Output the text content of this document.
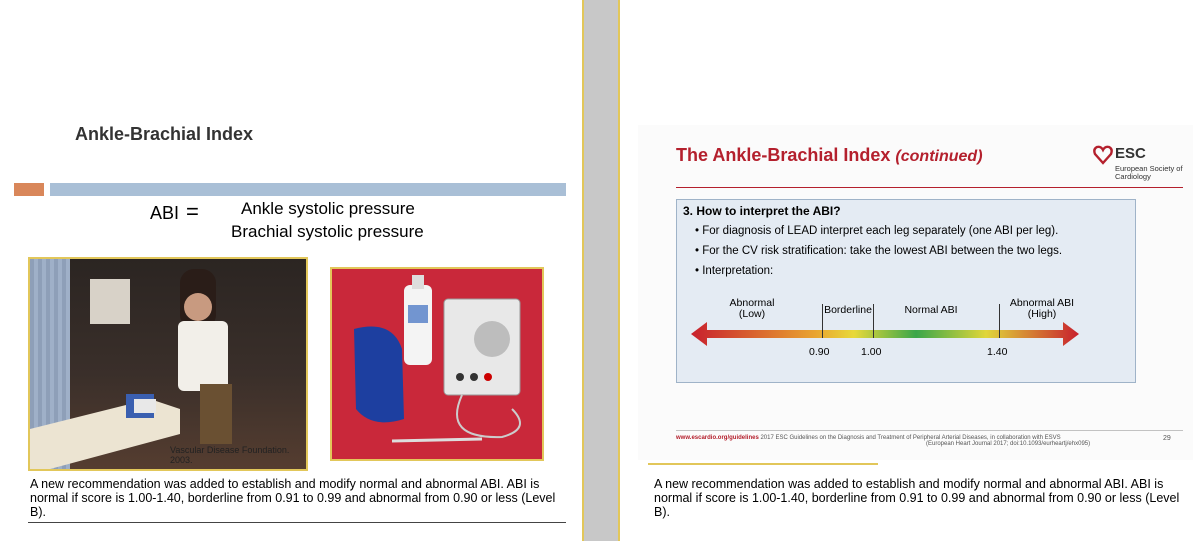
Ankle-Brachial Index
ABI = Ankle systolic pressure
Brachial systolic pressure
Vascular Disease Foundation. 2003.
A new recommendation was added to establish and modify normal and abnormal ABI. ABI is normal if score is 1.00-1.40, borderline from 0.91 to 0.99 and abnormal from 0.90 or less (Level B).
The Ankle-Brachial Index (continued)	ESC
European Society of Cardiology
3. How to interpret the ABI?
• For diagnosis of LEAD interpret each leg separately (one ABI per leg).
• For the CV risk stratification: take the lowest ABI between the two legs.
• Interpretation:
Abnormal
(Low)	Borderline	Normal ABI
Abnormal ABI
(High)
0.90	1.00	1.40
www.escardio.org/guidelines 2017 ESC Guidelines on the Diagnosis and Treatment of Peripheral Arterial Diseases, in collaboration with ESVS
(European Heart Journal 2017; doi:10.1093/eurheartj/ehx095)
29
A new recommendation was added to establish and modify normal and abnormal ABI. ABI is normal if score is 1.00-1.40, borderline from 0.91 to 0.99 and abnormal from 0.90 or less (Level B).
